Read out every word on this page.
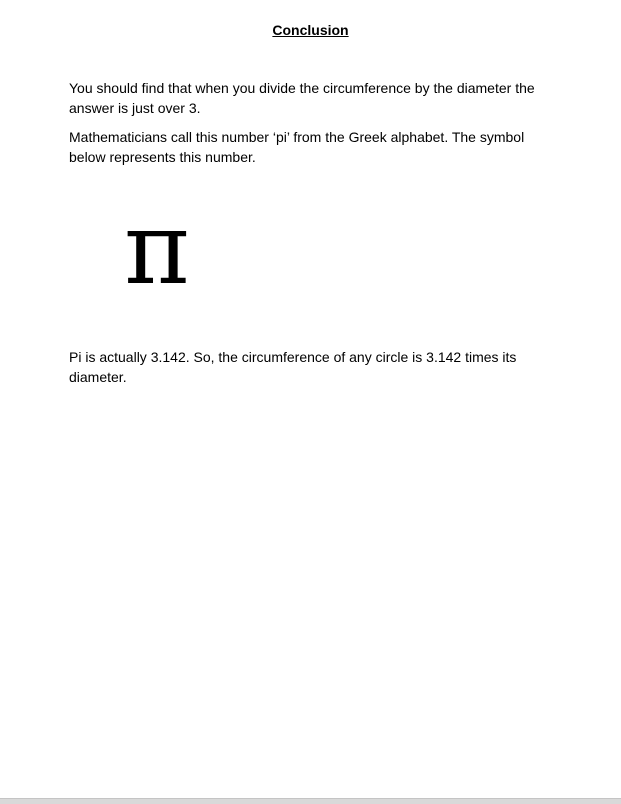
Conclusion

You should find that when you divide the circumference by the diameter the answer is just over 3.

Mathematicians call this number ‘pi’ from the Greek alphabet. The symbol below represents this number.

π

Pi is actually 3.142. So, the circumference of any circle is 3.142 times its diameter.
